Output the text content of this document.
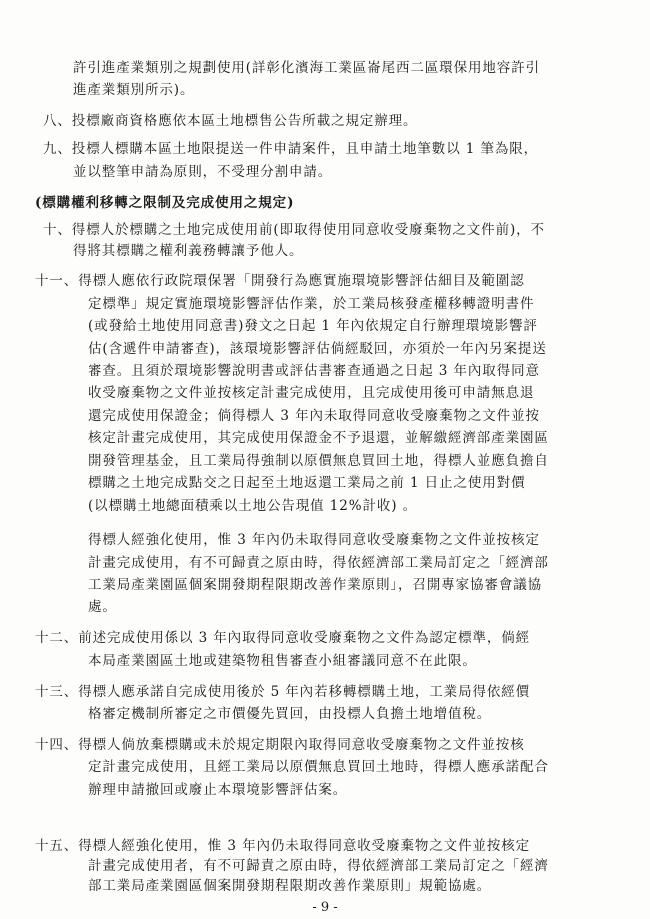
許引進產業類別之規劃使用(詳彰化濱海工業區崙尾西二區環保用地容許引
進產業類別所示)。
八、投標廠商資格應依本區土地標售公告所載之規定辦理。
九、投標人標購本區土地限提送一件申請案件，且申請土地筆數以 1 筆為限，
並以整筆申請為原則，不受理分割申請。
(標購權利移轉之限制及完成使用之規定)
十、得標人於標購之土地完成使用前(即取得使用同意收受廢棄物之文件前)，不
得將其標購之權利義務轉讓予他人。
十一、得標人應依行政院環保署「開發行為應實施環境影響評估細目及範圍認
定標準」規定實施環境影響評估作業，於工業局核發產權移轉證明書件
(或發給土地使用同意書)發文之日起 1 年內依規定自行辦理環境影響評
估(含遞件申請審查)，該環境影響評估倘經駁回，亦須於一年內另案提送
審查。且須於環境影響說明書或評估書審查通過之日起 3 年內取得同意
收受廢棄物之文件並按核定計畫完成使用，且完成使用後可申請無息退
還完成使用保證金；倘得標人 3 年內未取得同意收受廢棄物之文件並按
核定計畫完成使用，其完成使用保證金不予退還，並解繳經濟部產業園區
開發管理基金，且工業局得強制以原價無息買回土地，得標人並應負擔自
標購之土地完成點交之日起至土地返還工業局之前 1 日止之使用對價
(以標購土地總面積乘以土地公告現值 12%計收) 。
得標人經強化使用，惟 3 年內仍未取得同意收受廢棄物之文件並按核定
計畫完成使用，有不可歸責之原由時，得依經濟部工業局訂定之「經濟部
工業局產業園區個案開發期程限期改善作業原則」，召開專家協審會議協
處。
十二、前述完成使用係以 3 年內取得同意收受廢棄物之文件為認定標準，倘經
本局產業園區土地或建築物租售審查小組審議同意不在此限。
十三、得標人應承諾自完成使用後於 5 年內若移轉標購土地，工業局得依經價
格審定機制所審定之市價優先買回，由投標人負擔土地增值稅。
十四、得標人倘放棄標購或未於規定期限內取得同意收受廢棄物之文件並按核
定計畫完成使用，且經工業局以原價無息買回土地時，得標人應承諾配合
辦理申請撤回或廢止本環境影響評估案。
十五、得標人經強化使用，惟 3 年內仍未取得同意收受廢棄物之文件並按核定
計畫完成使用者，有不可歸責之原由時，得依經濟部工業局訂定之「經濟
部工業局產業園區個案開發期程限期改善作業原則」規範協處。
- 9 -
